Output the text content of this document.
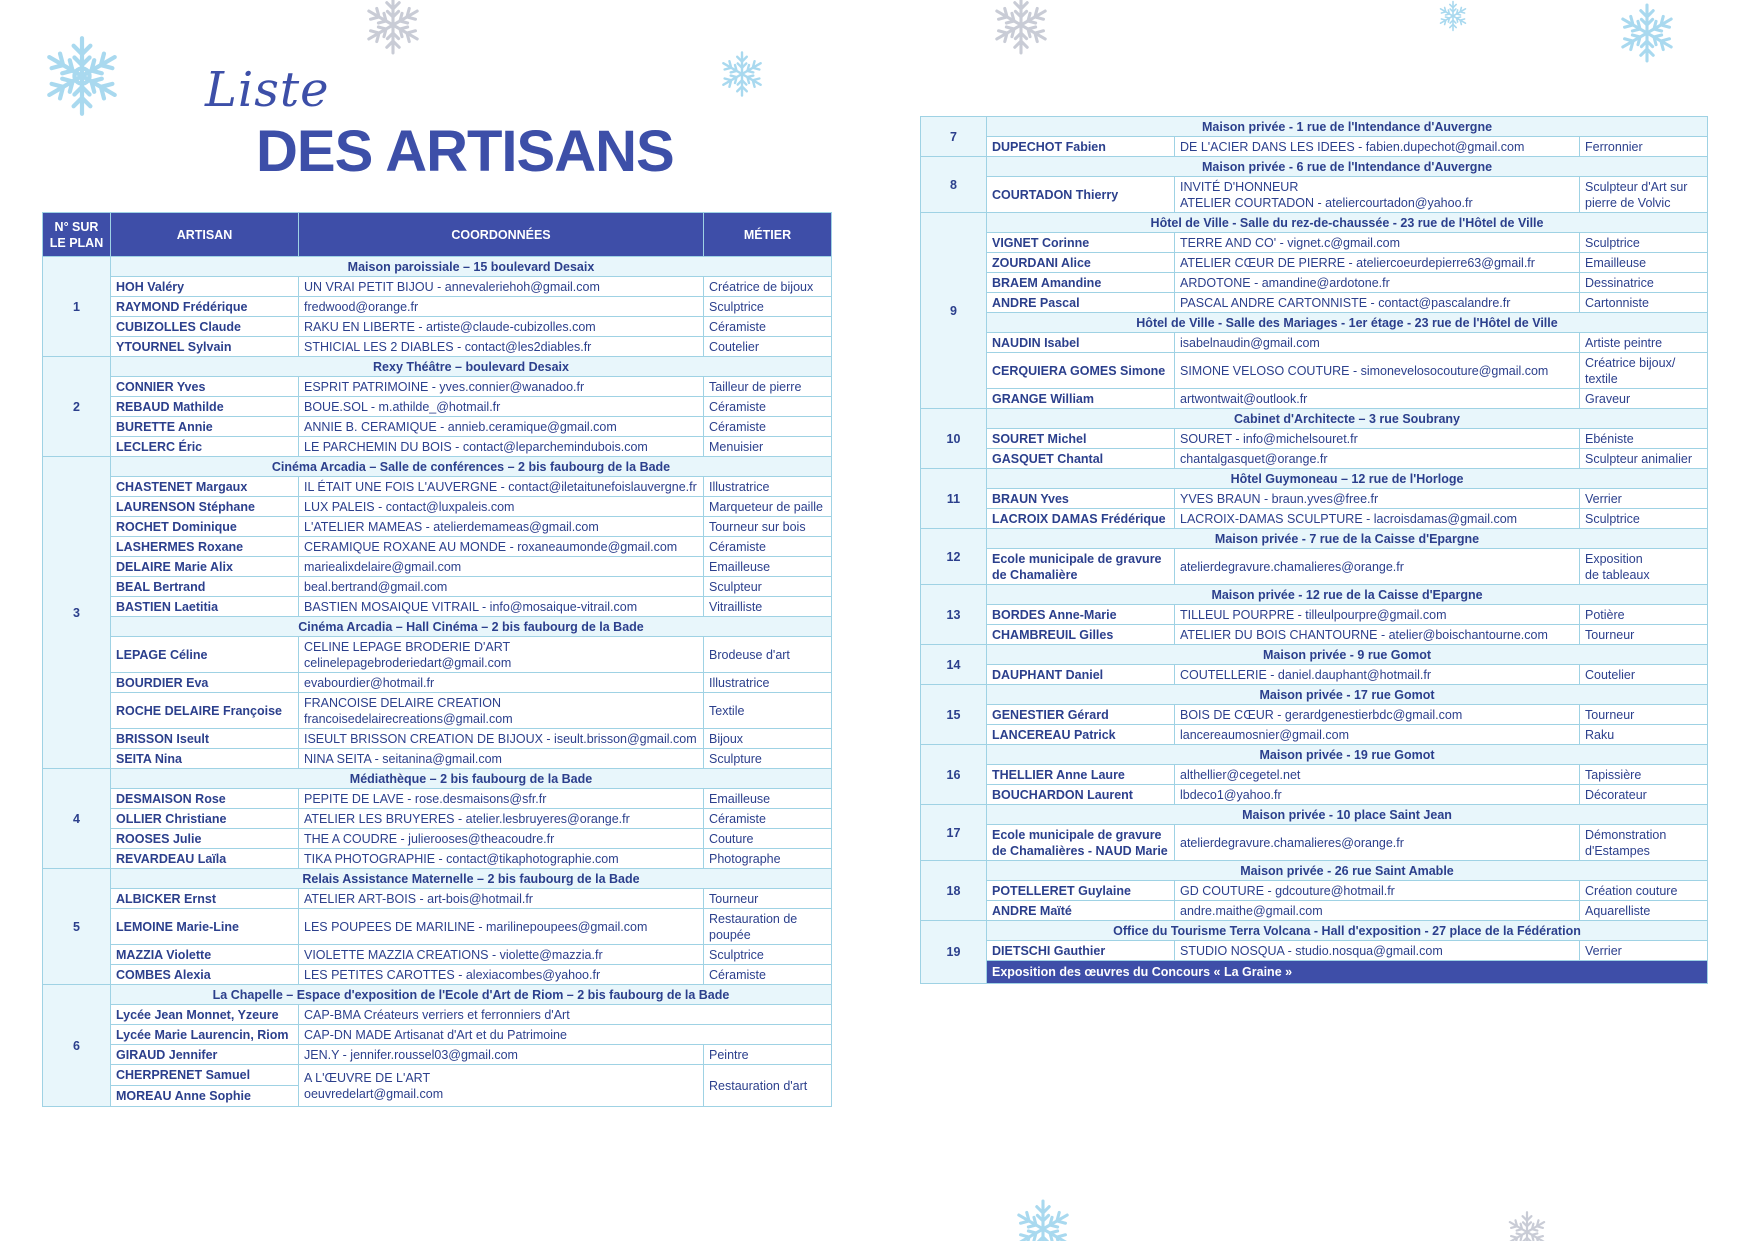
Liste
DES ARTISANS
N° SUR LE PLAN	ARTISAN	COORDONNÉES	MÉTIER
1	Maison paroissiale – 15 boulevard Desaix		
	HOH Valéry	UN VRAI PETIT BIJOU - annevaleriehoh@gmail.com	Créatrice de bijoux
	RAYMOND Frédérique	fredwood@orange.fr	Sculptrice
	CUBIZOLLES Claude	RAKU EN LIBERTE - artiste@claude-cubizolles.com	Céramiste
	YTOURNEL Sylvain	STHICIAL LES 2 DIABLES - contact@les2diables.fr	Coutelier
2	Rexy Théâtre – boulevard Desaix		
	CONNIER Yves	ESPRIT PATRIMOINE - yves.connier@wanadoo.fr	Tailleur de pierre
	REBAUD Mathilde	BOUE.SOL - m.athilde_@hotmail.fr	Céramiste
	BURETTE Annie	ANNIE B. CERAMIQUE - annieb.ceramique@gmail.com	Céramiste
	LECLERC Éric	LE PARCHEMIN DU BOIS - contact@leparchemindubois.com	Menuisier
3	Cinéma Arcadia – Salle de conférences – 2 bis faubourg de la Bade		
	CHASTENET Margaux	IL ÉTAIT UNE FOIS L'AUVERGNE - contact@iletaitunefoislauvergne.fr	Illustratrice
	LAURENSON Stéphane	LUX PALEIS - contact@luxpaleis.com	Marqueteur de paille
	ROCHET Dominique	L'ATELIER MAMEAS - atelierdemameas@gmail.com	Tourneur sur bois
	LASHERMES Roxane	CERAMIQUE ROXANE AU MONDE - roxaneaumonde@gmail.com	Céramiste
	DELAIRE Marie Alix	mariealixdelaire@gmail.com	Emailleuse
	BEAL Bertrand	beal.bertrand@gmail.com	Sculpteur
	BASTIEN Laetitia	BASTIEN MOSAIQUE VITRAIL - info@mosaique-vitrail.com	Vitrailliste
	Cinéma Arcadia – Hall Cinéma – 2 bis faubourg de la Bade		
	LEPAGE Céline	CELINE LEPAGE BRODERIE D'ART
celinelepagebroderiedart@gmail.com	Brodeuse d'art
	BOURDIER Eva	evabourdier@hotmail.fr	Illustratrice
	ROCHE DELAIRE Françoise	FRANCOISE DELAIRE CREATION
francoisedelairecreations@gmail.com	Textile
	BRISSON Iseult	ISEULT BRISSON CREATION DE BIJOUX - iseult.brisson@gmail.com	Bijoux
	SEITA Nina	NINA SEITA - seitanina@gmail.com	Sculpture
4	Médiathèque – 2 bis faubourg de la Bade		
	DESMAISON Rose	PEPITE DE LAVE - rose.desmaisons@sfr.fr	Emailleuse
	OLLIER Christiane	ATELIER LES BRUYERES - atelier.lesbruyeres@orange.fr	Céramiste
	ROOSES Julie	THE A COUDRE - julierooses@theacoudre.fr	Couture
	REVARDEAU Laïla	TIKA PHOTOGRAPHIE - contact@tikaphotographie.com	Photographe
5	Relais Assistance Maternelle – 2 bis faubourg de la Bade		
	ALBICKER Ernst	ATELIER ART-BOIS - art-bois@hotmail.fr	Tourneur
	LEMOINE Marie-Line	LES POUPEES DE MARILINE - marilinepoupees@gmail.com	Restauration de
poupée
	MAZZIA Violette	VIOLETTE MAZZIA CREATIONS - violette@mazzia.fr	Sculptrice
	COMBES Alexia	LES PETITES CAROTTES - alexiacombes@yahoo.fr	Céramiste
6	La Chapelle – Espace d'exposition de l'Ecole d'Art de Riom – 2 bis faubourg de la Bade		
	Lycée Jean Monnet, Yzeure	CAP-BMA Créateurs verriers et ferronniers d'Art	
	Lycée Marie Laurencin, Riom	CAP-DN MADE Artisanat d'Art et du Patrimoine	
	GIRAUD Jennifer	JEN.Y - jennifer.roussel03@gmail.com	Peintre
	CHERPRENET Samuel	A L'ŒUVRE DE L'ART
oeuvredelart@gmail.com	Restauration d'art
	MOREAU Anne Sophie		
7	Maison privée - 1 rue de l'Intendance d'Auvergne		
	DUPECHOT Fabien	DE L'ACIER DANS LES IDEES - fabien.dupechot@gmail.com	Ferronnier
8	Maison privée - 6 rue de l'Intendance d'Auvergne		
	COURTADON Thierry	INVITÉ D'HONNEUR
ATELIER COURTADON - ateliercourtadon@yahoo.fr	Sculpteur d'Art sur
pierre de Volvic
9	Hôtel de Ville - Salle du rez-de-chaussée - 23 rue de l'Hôtel de Ville		
	VIGNET Corinne	TERRE AND CO' - vignet.c@gmail.com	Sculptrice
	ZOURDANI Alice	ATELIER CŒUR DE PIERRE - ateliercoeurdepierre63@gmail.fr	Emailleuse
	BRAEM Amandine	ARDOTONE - amandine@ardotone.fr	Dessinatrice
	ANDRE Pascal	PASCAL ANDRE CARTONNISTE - contact@pascalandre.fr	Cartonniste
	Hôtel de Ville - Salle des Mariages - 1er étage - 23 rue de l'Hôtel de Ville		
	NAUDIN Isabel	isabelnaudin@gmail.com	Artiste peintre
	CERQUIERA GOMES Simone	SIMONE VELOSO COUTURE - simonevelosocouture@gmail.com	Créatrice bijoux/
textile
	GRANGE William	artwontwait@outlook.fr	Graveur
10	Cabinet d'Architecte – 3 rue Soubrany		
	SOURET Michel	SOURET - info@michelsouret.fr	Ebéniste
	GASQUET Chantal	chantalgasquet@orange.fr	Sculpteur animalier
11	Hôtel Guymoneau – 12 rue de l'Horloge		
	BRAUN Yves	YVES BRAUN - braun.yves@free.fr	Verrier
	LACROIX DAMAS Frédérique	LACROIX-DAMAS SCULPTURE - lacroisdamas@gmail.com	Sculptrice
12	Maison privée - 7 rue de la Caisse d'Epargne		
	Ecole municipale de gravure
de Chamalière	atelierdegravure.chamalieres@orange.fr	Exposition
de tableaux
13	Maison privée - 12 rue de la Caisse d'Epargne		
	BORDES Anne-Marie	TILLEUL POURPRE - tilleulpourpre@gmail.com	Potière
	CHAMBREUIL Gilles	ATELIER DU BOIS CHANTOURNE - atelier@boischantourne.com	Tourneur
14	Maison privée - 9 rue Gomot		
	DAUPHANT Daniel	COUTELLERIE - daniel.dauphant@hotmail.fr	Coutelier
15	Maison privée - 17 rue Gomot		
	GENESTIER Gérard	BOIS DE CŒUR - gerardgenestierbdc@gmail.com	Tourneur
	LANCEREAU Patrick	lancereaumosnier@gmail.com	Raku
16	Maison privée - 19 rue Gomot		
	THELLIER Anne Laure	althellier@cegetel.net	Tapissière
	BOUCHARDON Laurent	lbdeco1@yahoo.fr	Décorateur
17	Maison privée - 10 place Saint Jean		
	Ecole municipale de gravure
de Chamalières - NAUD Marie	atelierdegravure.chamalieres@orange.fr	Démonstration
d'Estampes
18	Maison privée - 26 rue Saint Amable		
	POTELLERET Guylaine	GD COUTURE - gdcouture@hotmail.fr	Création couture
	ANDRE Maïté	andre.maithe@gmail.com	Aquarelliste
19	Office du Tourisme Terra Volcana - Hall d'exposition - 27 place de la Fédération		
	DIETSCHI Gauthier	STUDIO NOSQUA - studio.nosqua@gmail.com	Verrier
	Exposition des œuvres du Concours « La Graine »		
